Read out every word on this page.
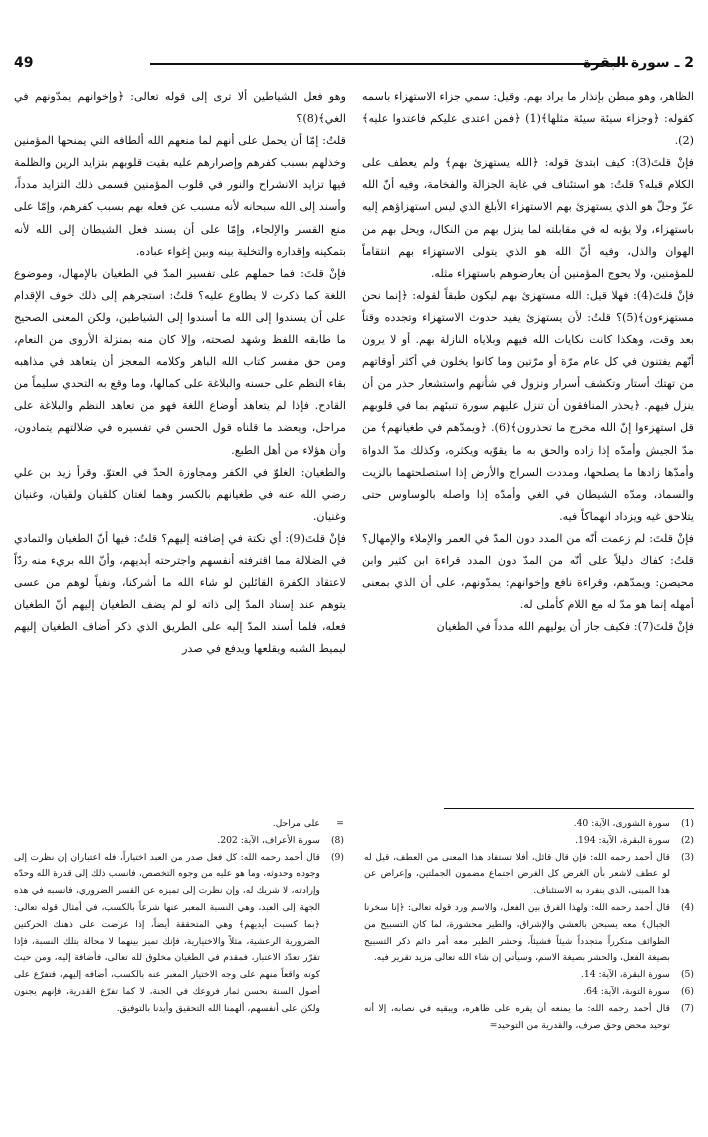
2 ـ سورة البقرة
49

الظاهر، وهو مبطن بإنذار ما يراد بهم. وقيل: سمي جزاء الاستهزاء باسمه كقوله: ﴿وجزاء سيئة سيئة مثلها﴾(1) ﴿فمن اعتدى عليكم فاعتدوا عليه﴾(2).

فإنْ قلتَ(3): كيف ابتدئ قوله: ﴿الله يستهزئ بهم﴾ ولم يعطف على الكلام قبله؟ قلتُ: هو استئناف في غاية الجزالة والفخامة، وفيه أنّ الله عزّ وجلّ هو الذي يستهزئ بهم الاستهزاء الأبلغ الذي ليس استهزاؤهم إليه باستهزاء، ولا يؤبه له في مقابلته لما ينزل بهم من النكال، ويحل بهم من الهوان والذل، وفيه أنّ الله هو الذي يتولى الاستهزاء بهم انتقاماً للمؤمنين، ولا يحوج المؤمنين أن يعارضوهم باستهزاء مثله.

فإنْ قلتَ(4): فهلا قيل: الله مستهزئ بهم ليكون طبقاً لقوله: ﴿إنما نحن مستهزءون﴾(5)؟ قلتُ: لأن يستهزئ يفيد حدوث الاستهزاء وتجدده وقتاً بعد وقت، وهكذا كانت نكايات الله فيهم وبلاياه النازلة بهم. أو لا يرون أنّهم يفتنون في كل عام مرّة أو مرّتين وما كانوا يخلون في أكثر أوقاتهم من تهتك أستار وتكشف أسرار ونزول في شأنهم واستشعار حذر من أن ينزل فيهم. ﴿يحذر المنافقون أن تنزل عليهم سورة تنبئهم بما في قلوبهم قل استهزءوا إنّ الله مخرج ما تحذرون﴾(6). ﴿ويمدّهم في طغيانهم﴾ من مدّ الجيش وأمدّه إذا زاده والحق به ما يقوّيه ويكثره، وكذلك مدّ الدواة وأمدّها زادها ما يصلحها، ومددت السراج والأرض إذا استصلحتهما بالزيت والسماد، ومدّه الشيطان في الغي وأمدّه إذا واصله بالوساوس حتى يتلاحق غيه ويزداد انهماكاً فيه.

فإنْ قلتَ: لم زعمت أنّه من المدد دون المدّ في العمر والإملاء والإمهال؟ قلتُ: كفاك دليلاً على أنّه من المدّ دون المدد قراءة ابن كثير وابن محيصن: ويمدّهم، وقراءة نافع وإخوانهم: يمدّونهم، على أن الذي بمعنى أمهله إنما هو مدّ له مع اللام كأملى له.

فإنْ قلتَ(7): فكيف جاز أن يوليهم الله مدداً في الطغيان

وهو فعل الشياطين ألا ترى إلى قوله تعالى: ﴿وإخوانهم يمدّونهم في الغي﴾(8)؟

قلتُ: إمّا أن يحمل على أنهم لما منعهم الله ألطافه التي يمنحها المؤمنين وخذلهم بسبب كفرهم وإصرارهم عليه بقيت قلوبهم بتزايد الرين والظلمة فيها تزايد الانشراح والنور في قلوب المؤمنين فسمى ذلك التزايد مدداً، وأسند إلى الله سبحانه لأنه مسبب عن فعله بهم بسبب كفرهم، وإمّا على منع القسر والإلجاء، وإمّا على أن يسند فعل الشيطان إلى الله لأنه بتمكينه وإقداره والتخلية بينه وبين إغواء عباده.

فإنْ قلتَ: فما حملهم على تفسير المدّ في الطغيان بالإمهال، وموضوع اللغة كما ذكرت لا يطاوع عليه؟ قلتُ: استجرهم إلى ذلك خوف الإقدام على أن يسندوا إلى الله ما أسندوا إلى الشياطين، ولكن المعنى الصحيح ما طابقه اللفظ وشهد لصحته، وإلا كان منه بمنزلة الأروى من النعام، ومن حق مفسر كتاب الله الباهر وكلامه المعجز أن يتعاهد في مذاهبه بقاء النظم على حسنه والبلاغة على كمالها، وما وقع به التحدي سليماً من القادح. فإذا لم يتعاهد أوضاع اللغة فهو من تعاهد النظم والبلاغة على مراحل، ويعضد ما قلناه قول الحسن في تفسيره في ضلالتهم يتمادون، وأن هؤلاء من أهل الطبع.

والطغيان: الغلوّ في الكفر ومجاوزة الحدّ في العتوّ. وقرأ زيد بن علي رضي الله عنه في طغيانهم بالكسر وهما لغتان كلقيان ولقيان، وغنيان وغنيان.

فإنْ قلتَ(9): أي نكتة في إضافته إليهم؟ قلتُ: فيها أنّ الطغيان والتمادي في الضلالة مما اقترفته أنفسهم واجترحته أيديهم، وأنّ الله بريء منه ردّاً لاعتقاد الكفرة القائلين لو شاء الله ما أشركنا، ونفياً لوهم من عسى يتوهم عند إسناد المدّ إلى ذاته لو لم يضف الطغيان إليهم أنّ الطغيان فعله، فلما أسند المدّ إليه على الطريق الذي ذكر أضاف الطغيان إليهم ليميط الشبه ويقلعها ويدفع في صدر

(1)
سورة الشورى، الآية: 40.
(2)
سورة البقرة، الآية: 194.
(3)
قال أحمد رحمه الله: فإن قال قائل، أفلا تستفاد هذا المعنى من العطف، قيل له لو عطف لاشعر بأن الغرض كل الغرض اجتماع مضمون الجملتين، وإعراض عن هذا المبنى، الذي ينفرد به الاستئناف.
(4)
قال أحمد رحمه الله: ولهذا الفرق بين الفعل، والاسم ورد قوله تعالى: ﴿إنا سخرنا الجبال﴾ معه يسبحن بالعشي والإشراق، والطير محشورة، لما كان التسبيح من الطوائف متكرراً متجدداً شيئاً فشيئاً، وحشر الطير معه أمر دائم ذكر التسبيح بصيغة الفعل، والحشر بصيغة الاسم، وسيأتي إن شاء الله تعالى مزيد تقرير فيه.
(5)
سورة البقرة، الآية: 14.
(6)
سورة التوبة، الآية: 64.
(7)
قال أحمد رحمه الله: ما يمنعه أن يقره على ظاهره، ويبقيه في نصابه، إلا أنه توحيد محض وحق صرف، والقدرية من التوحيد=
=
على مراحل.
(8)
سورة الأعراف، الآية: 202.
(9)
قال أحمد رحمه الله: كل فعل صدر من العبد اختياراً، فله اعتباران إن نظرت إلى وجوده وحدوثه، وما هو عليه من وجوه التخصص، فانسب ذلك إلى قدرة الله وحدّه وإرادته، لا شريك له، وإن نظرت إلى تميزه عن القسر الضروري، فانسبه في هذه الجهة إلى العبد، وهي النسبة المعبر عنها شرعاً بالكسب، في أمثال قوله تعالى: ﴿بما كسبت أيديهم﴾ وهي المتحققة أيضاً، إذا عرضت على ذهنك الحركتين الضرورية الرعشية، مثلاً والاختيارية، فإنك تميز بينهما لا محالة بتلك النسبة، فإذا تقرّر تعدّد الاعتبار، فمقدم في الطغيان مخلوق لله تعالى، فأضافة إليه، ومن حيث كونه واقعاً منهم على وجه الاختيار المعبر عنه بالكسب، أضافه إليهم، فتفرّع على أصول السنة بحسن ثمار فروعك في الجنة، لا كما تفرّع القدرية، فإنهم يجنون ولكن على أنفسهم، ألهمنا الله التحقيق وأيدنا بالتوفيق.
